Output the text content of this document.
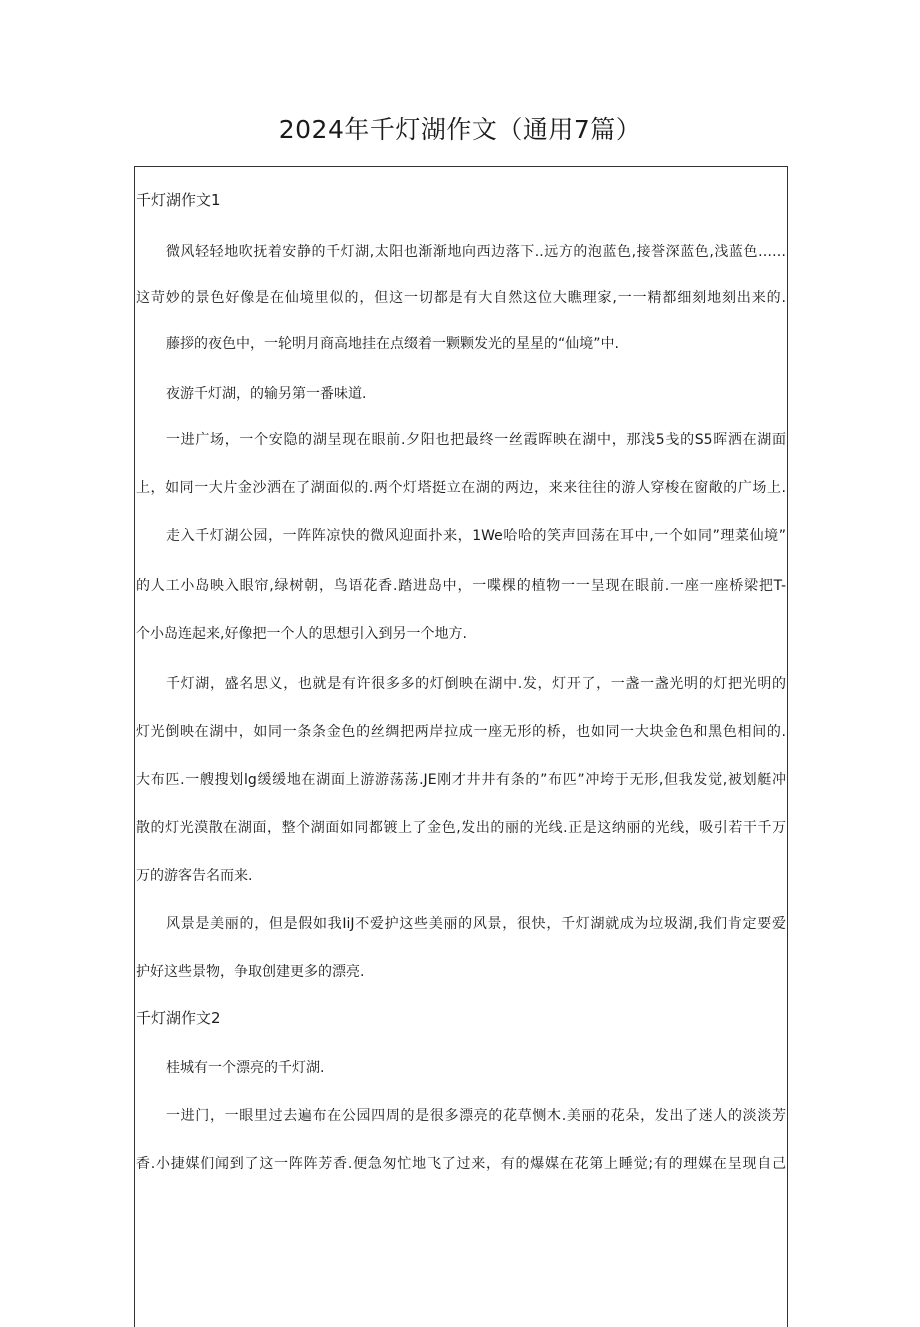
2024年千灯湖作文（通用7篇）
千灯湖作文1
微风轻轻地吹抚着安静的千灯湖,太阳也渐渐地向西边落下..远方的泡蓝色,接誉深蓝色,浅蓝色……
这苛妙的景色好像是在仙境里似的，但这一切都是有大自然这位大瞧理家,一一精都细刻地刻出来的.
藤拶的夜色中，一轮明月商高地挂在点缀着一颗颗发光的星星的“仙境”中.
夜游千灯湖，的输另第一番味道.
一进广场，一个安隐的湖呈现在眼前.夕阳也把最终一丝霞晖映在湖中，那浅5戋的S5晖洒在湖面
上，如同一大片金沙洒在了湖面似的.两个灯塔挺立在湖的两边，来来往往的游人穿梭在窗敞的广场上.
走入千灯湖公园，一阵阵凉快的微风迎面扑来，1We哈哈的笑声回荡在耳中,一个如同”理菜仙境”
的人工小岛映入眼帘,绿树朝，鸟语花香.踏进岛中，一喋棵的植物一一呈现在眼前.一座一座桥梁把T-
个小岛连起来,好像把一个人的思想引入到另一个地方.
千灯湖，盛名思义，也就是有许很多多的灯倒映在湖中.发，灯开了，一盏一盏光明的灯把光明的
灯光倒映在湖中，如同一条条金色的丝绸把两岸拉成一座无形的桥，也如同一大块金色和黑色相间的.
大布匹.一艘搜划lg缓缓地在湖面上游游荡荡.JE刚才井井有条的”布匹”冲垮于无形,但我发觉,被划艇冲
散的灯光漠散在湖面，整个湖面如同都镀上了金色,发出的丽的光线.正是这纳丽的光线，吸引若干千万
万的游客告名而来.
风景是美丽的，但是假如我IiJ不爱护这些美丽的风景，很快，千灯湖就成为垃圾湖,我们肯定要爱
护好这些景物，争取创建更多的漂亮.
千灯湖作文2
桂城有一个漂亮的千灯湖.
一进门，一眼里过去遍布在公园四周的是很多漂亮的花草恻木.美丽的花朵，发出了迷人的淡淡芳
香.小捷媒们闻到了这一阵阵芳香.便急匆忙地飞了过来，有的爆媒在花第上睡觉;有的理媒在呈现自己
